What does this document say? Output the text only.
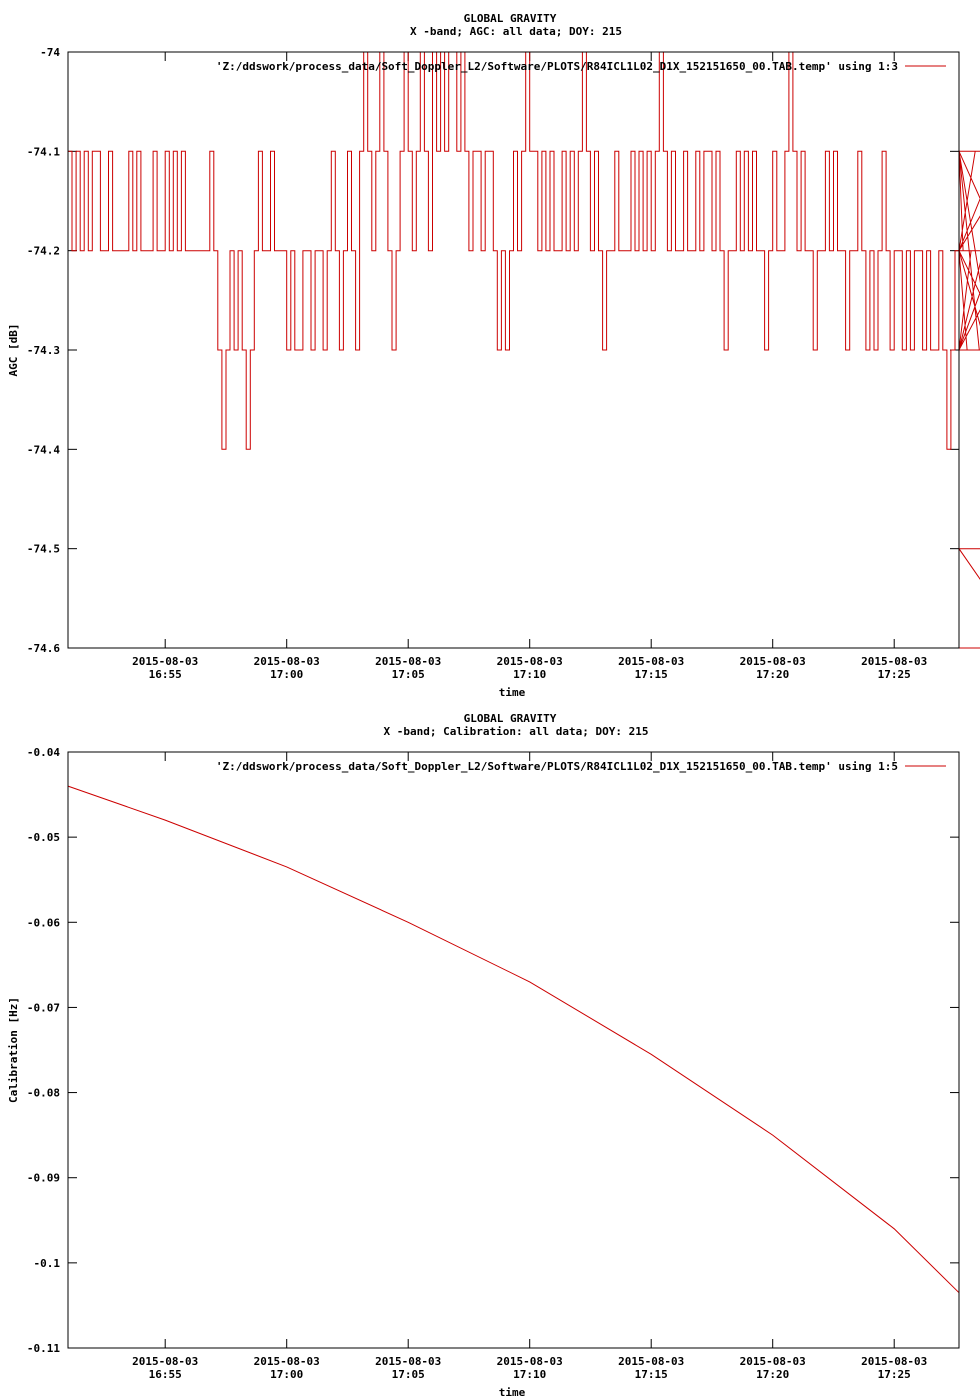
GLOBAL GRAVITY
X -band; AGC: all data; DOY: 215
AGC [dB]
time
-74
-74.1
-74.2
-74.3
-74.4
-74.5
-74.6
2015-08-03
16:55
2015-08-03
17:00
2015-08-03
17:05
2015-08-03
17:10
2015-08-03
17:15
2015-08-03
17:20
2015-08-03
17:25
'Z:/ddswork/process_data/Soft_Doppler_L2/Software/PLOTS/R84ICL1L02_D1X_152151650_00.TAB.temp' using 1:3
GLOBAL GRAVITY
X -band; Calibration: all data; DOY: 215
Calibration [Hz]
time
-0.04
-0.05
-0.06
-0.07
-0.08
-0.09
-0.1
-0.11
2015-08-03
16:55
2015-08-03
17:00
2015-08-03
17:05
2015-08-03
17:10
2015-08-03
17:15
2015-08-03
17:20
2015-08-03
17:25
'Z:/ddswork/process_data/Soft_Doppler_L2/Software/PLOTS/R84ICL1L02_D1X_152151650_00.TAB.temp' using 1:5
